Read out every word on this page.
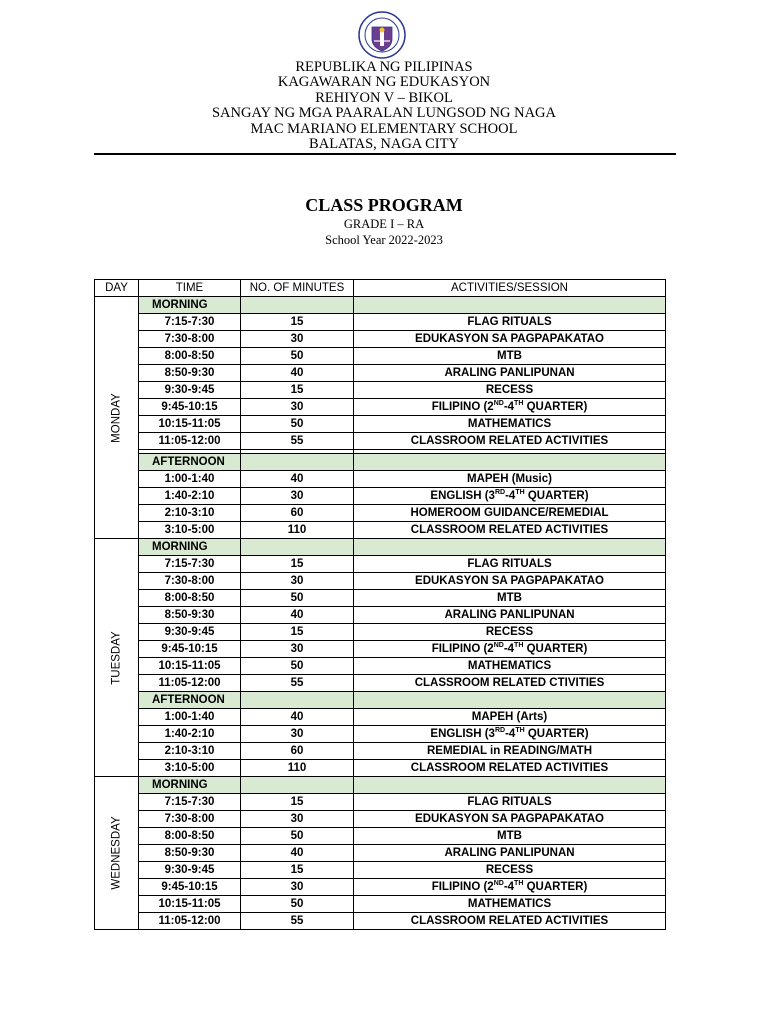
REPUBLIKA NG PILIPINAS
KAGAWARAN NG EDUKASYON
REHIYON V – BIKOL
SANGAY NG MGA PAARALAN LUNGSOD NG NAGA
MAC MARIANO ELEMENTARY SCHOOL
BALATAS, NAGA CITY
CLASS PROGRAM
GRADE I – RA
School Year 2022-2023
DAY	TIME	NO. OF MINUTES	ACTIVITIES/SESSION

MONDAY	MORNING		
	7:15-7:30	15	FLAG RITUALS
	7:30-8:00	30	EDUKASYON SA PAGPAPAKATAO
	8:00-8:50	50	MTB
	8:50-9:30	40	ARALING PANLIPUNAN
	9:30-9:45	15	RECESS
	9:45-10:15	30	FILIPINO (2ND-4TH QUARTER)
	10:15-11:05	50	MATHEMATICS
	11:05-12:00	55	CLASSROOM RELATED ACTIVITIES

	AFTERNOON		
	1:00-1:40	40	MAPEH (Music)
	1:40-2:10	30	ENGLISH (3RD-4TH QUARTER)
	2:10-3:10	60	HOMEROOM GUIDANCE/REMEDIAL
	3:10-5:00	110	CLASSROOM RELATED ACTIVITIES

TUESDAY	MORNING		
	7:15-7:30	15	FLAG RITUALS
	7:30-8:00	30	EDUKASYON SA PAGPAPAKATAO
	8:00-8:50	50	MTB
	8:50-9:30	40	ARALING PANLIPUNAN
	9:30-9:45	15	RECESS
	9:45-10:15	30	FILIPINO (2ND-4TH QUARTER)
	10:15-11:05	50	MATHEMATICS
	11:05-12:00	55	CLASSROOM RELATED CTIVITIES
	AFTERNOON		
	1:00-1:40	40	MAPEH (Arts)
	1:40-2:10	30	ENGLISH (3RD-4TH QUARTER)
	2:10-3:10	60	REMEDIAL in READING/MATH
	3:10-5:00	110	CLASSROOM RELATED ACTIVITIES

WEDNESDAY	MORNING		
	7:15-7:30	15	FLAG RITUALS
	7:30-8:00	30	EDUKASYON SA PAGPAPAKATAO
	8:00-8:50	50	MTB
	8:50-9:30	40	ARALING PANLIPUNAN
	9:30-9:45	15	RECESS
	9:45-10:15	30	FILIPINO (2ND-4TH QUARTER)
	10:15-11:05	50	MATHEMATICS
	11:05-12:00	55	CLASSROOM RELATED ACTIVITIES
